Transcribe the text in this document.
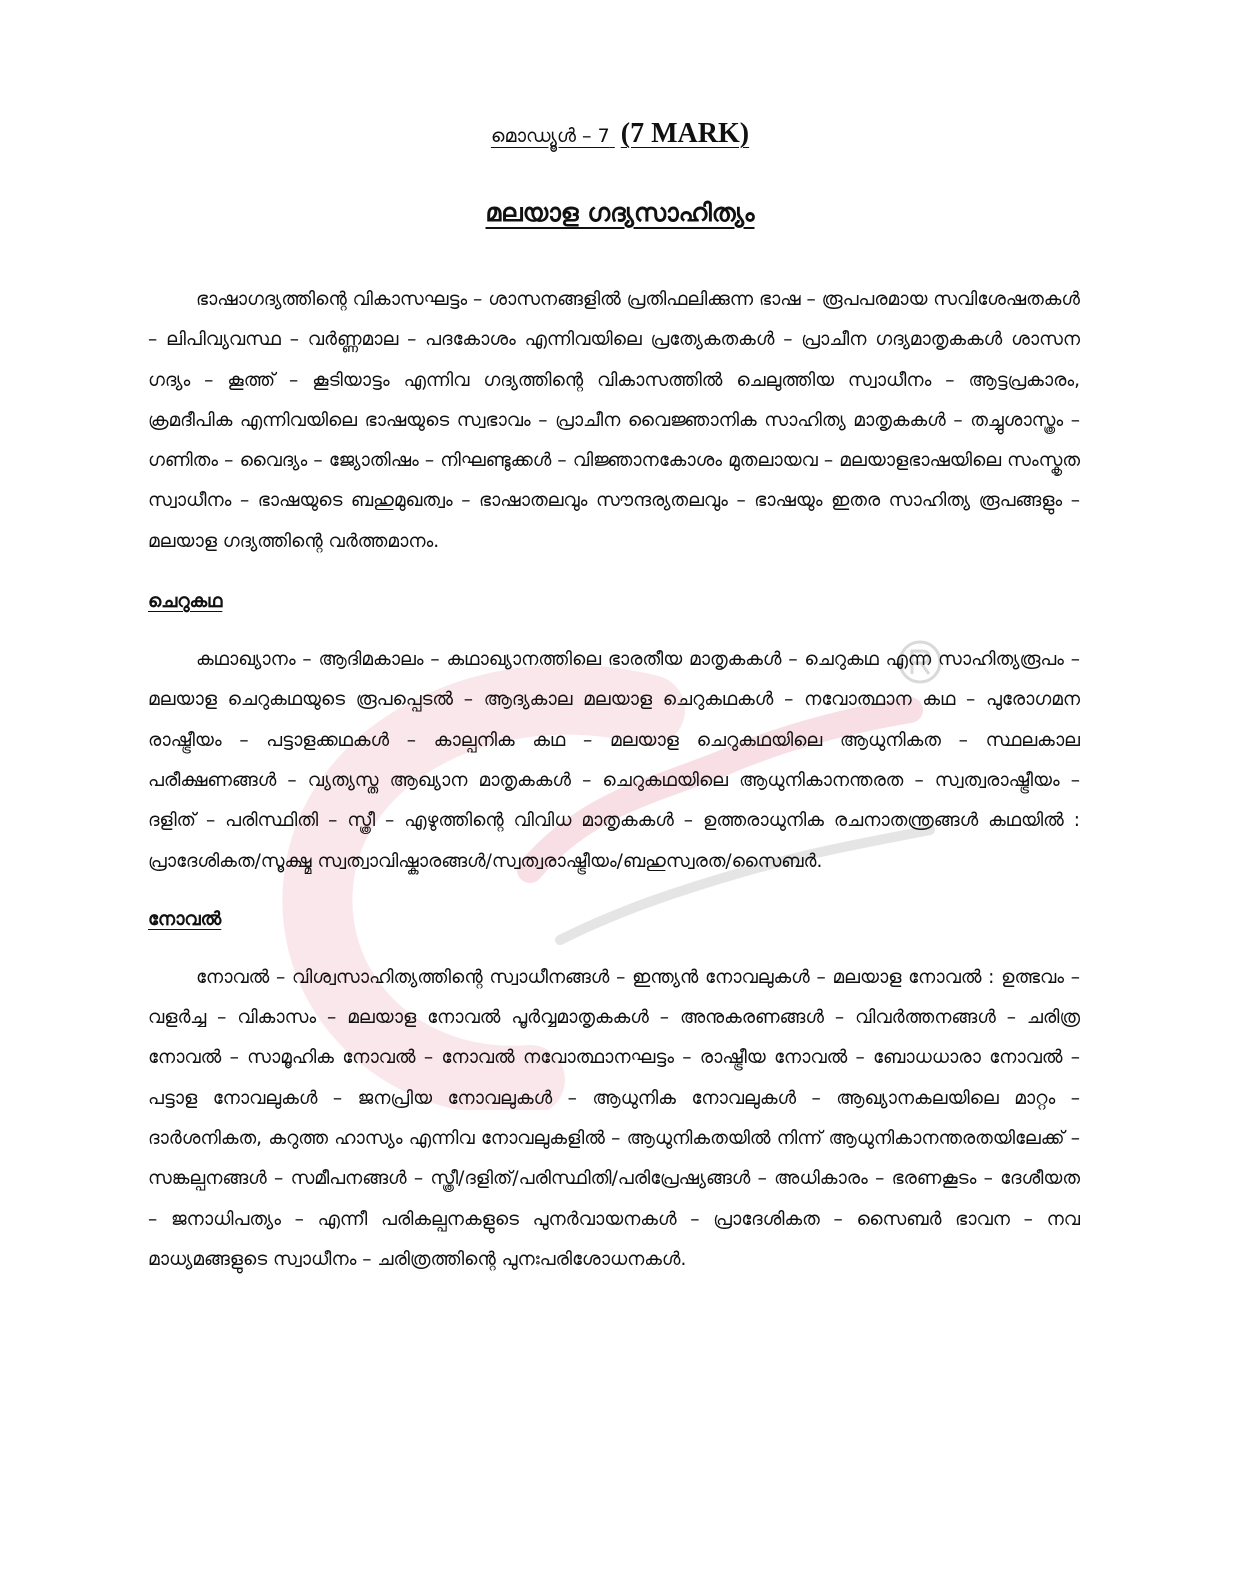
മൊഡ്യൂൾ – 7 (7 MARK)
മലയാള ഗദ്യസാഹിത്യം

ഭാഷാഗദ്യത്തിന്റെ വികാസഘട്ടം – ശാസനങ്ങളിൽ പ്രതിഫലിക്കുന്ന ഭാഷ – രൂപപരമായ സവിശേഷതകൾ – ലിപിവ്യവസ്ഥ – വർണ്ണമാല – പദകോശം എന്നിവയിലെ പ്രത്യേകതകൾ – പ്രാചീന ഗദ്യമാതൃകകൾ ശാസന ഗദ്യം – കൂത്ത് – കൂടിയാട്ടം എന്നിവ ഗദ്യത്തിന്റെ വികാസത്തിൽ ചെലുത്തിയ സ്വാധീനം – ആട്ടപ്രകാരം, ക്രമദീപിക എന്നിവയിലെ ഭാഷയുടെ സ്വഭാവം – പ്രാചീന വൈജ്ഞാനിക സാഹിത്യ മാതൃകകൾ – തച്ചുശാസ്ത്രം – ഗണിതം – വൈദ്യം – ജ്യോതിഷം – നിഘണ്ടുക്കൾ – വിജ്ഞാനകോശം മുതലായവ – മലയാളഭാഷയിലെ സംസ്കൃത സ്വാധീനം – ഭാഷയുടെ ബഹുമുഖത്വം – ഭാഷാതലവും സൗന്ദര്യതലവും – ഭാഷയും ഇതര സാഹിത്യ രൂപങ്ങളും – മലയാള ഗദ്യത്തിന്റെ വർത്തമാനം.

ചെറുകഥ

കഥാഖ്യാനം – ആദിമകാലം – കഥാഖ്യാനത്തിലെ ഭാരതീയ മാതൃകകൾ – ചെറുകഥ എന്ന സാഹിത്യരൂപം – മലയാള ചെറുകഥയുടെ രൂപപ്പെടൽ – ആദ്യകാല മലയാള ചെറുകഥകൾ – നവോത്ഥാന കഥ – പുരോഗമന രാഷ്ട്രീയം – പട്ടാളക്കഥകൾ – കാല്പനിക കഥ – മലയാള ചെറുകഥയിലെ ആധുനികത – സ്ഥലകാല പരീക്ഷണങ്ങൾ – വ്യത്യസ്ത ആഖ്യാന മാതൃകകൾ – ചെറുകഥയിലെ ആധുനികാനന്തരത – സ്വത്വരാഷ്ട്രീയം – ദളിത് – പരിസ്ഥിതി – സ്ത്രീ – എഴുത്തിന്റെ വിവിധ മാതൃകകൾ – ഉത്തരാധുനിക രചനാതന്ത്രങ്ങൾ കഥയിൽ : പ്രാദേശികത/സൂക്ഷ്മ സ്വത്വാവിഷ്കാരങ്ങൾ/സ്വത്വരാഷ്ട്രീയം/ബഹുസ്വരത/സൈബർ.

നോവൽ

നോവൽ – വിശ്വസാഹിത്യത്തിന്റെ സ്വാധീനങ്ങൾ – ഇന്ത്യൻ നോവലുകൾ – മലയാള നോവൽ : ഉത്ഭവം – വളർച്ച – വികാസം – മലയാള നോവൽ പൂർവ്വമാതൃകകൾ – അനുകരണങ്ങൾ – വിവർത്തനങ്ങൾ – ചരിത്ര നോവൽ – സാമൂഹിക നോവൽ – നോവൽ നവോത്ഥാനഘട്ടം – രാഷ്ട്രീയ നോവൽ – ബോധധാരാ നോവൽ – പട്ടാള നോവലുകൾ – ജനപ്രിയ നോവലുകൾ – ആധുനിക നോവലുകൾ – ആഖ്യാനകലയിലെ മാറ്റം – ദാർശനികത, കറുത്ത ഹാസ്യം എന്നിവ നോവലുകളിൽ – ആധുനികതയിൽ നിന്ന് ആധുനികാനന്തരതയിലേക്ക് – സങ്കല്പനങ്ങൾ – സമീപനങ്ങൾ – സ്ത്രീ/ദളിത്/പരിസ്ഥിതി/പരിപ്രേഷ്യങ്ങൾ – അധികാരം – ഭരണകൂടം – ദേശീയത – ജനാധിപത്യം – എന്നീ പരികല്പനകളുടെ പുനർവായനകൾ – പ്രാദേശികത – സൈബർ ഭാവന – നവ മാധ്യമങ്ങളുടെ സ്വാധീനം – ചരിത്രത്തിന്റെ പുനഃപരിശോധനകൾ.
